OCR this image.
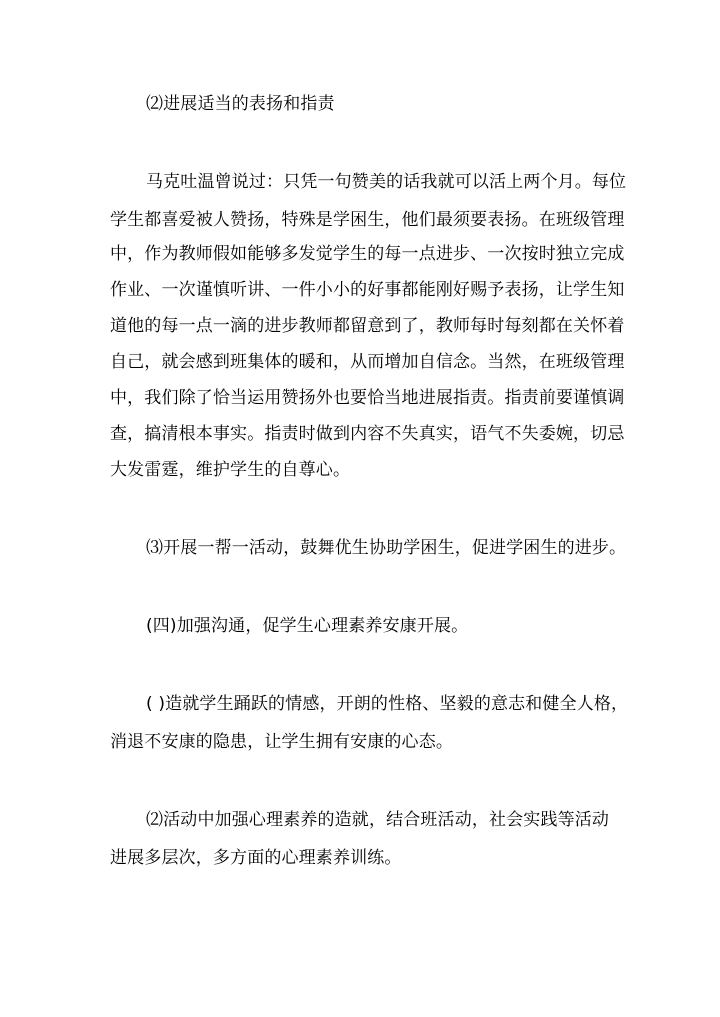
⑵进展适当的表扬和指责
马克吐温曾说过：只凭一句赞美的话我就可以活上两个月。每位
学生都喜爱被人赞扬，特殊是学困生，他们最须要表扬。在班级管理
中，作为教师假如能够多发觉学生的每一点进步、一次按时独立完成
作业、一次谨慎听讲、一件小小的好事都能刚好赐予表扬，让学生知
道他的每一点一滴的进步教师都留意到了，教师每时每刻都在关怀着
自己，就会感到班集体的暖和，从而增加自信念。当然，在班级管理
中，我们除了恰当运用赞扬外也要恰当地进展指责。指责前要谨慎调
查，搞清根本事实。指责时做到内容不失真实，语气不失委婉，切忌
大发雷霆，维护学生的自尊心。
⑶开展一帮一活动，鼓舞优生协助学困生，促进学困生的进步。
(四)加强沟通，促学生心理素养安康开展。
( )造就学生踊跃的情感，开朗的性格、坚毅的意志和健全人格，
消退不安康的隐患，让学生拥有安康的心态。
⑵活动中加强心理素养的造就，结合班活动，社会实践等活动
进展多层次，多方面的心理素养训练。
